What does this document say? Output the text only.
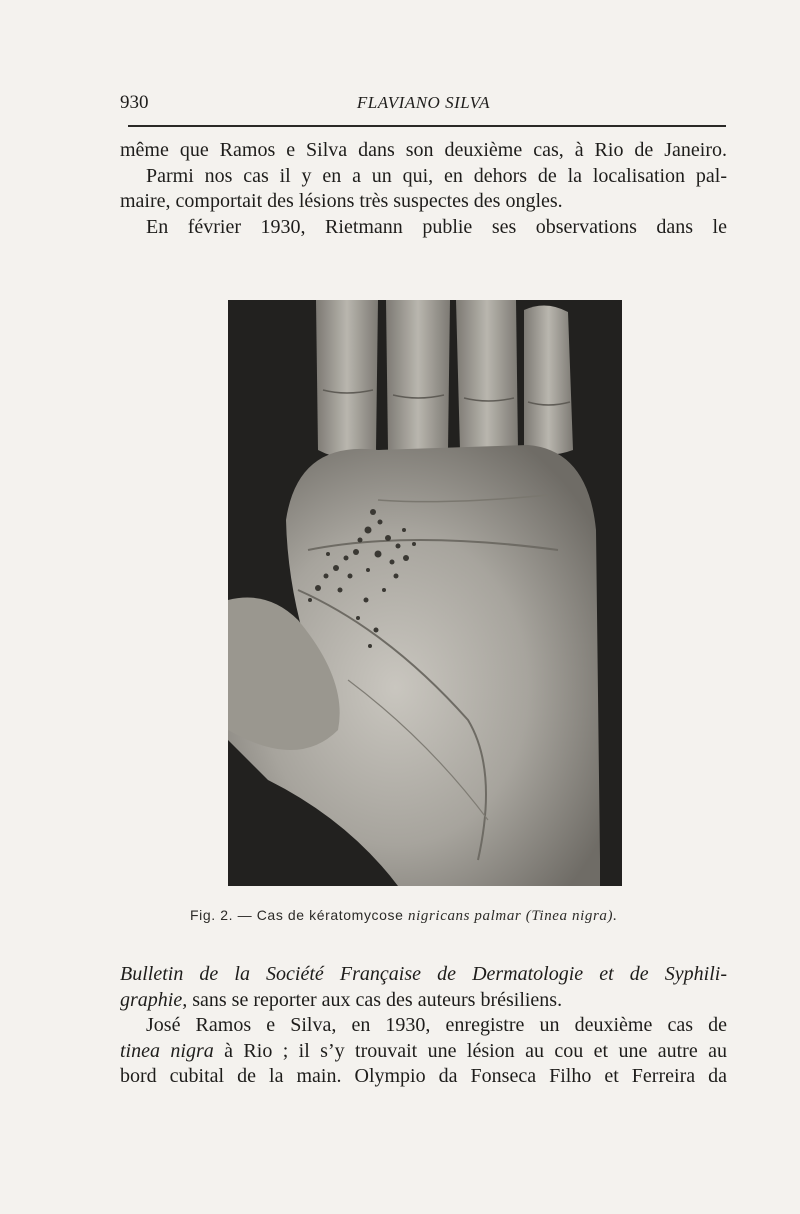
930	FLAVIANO SILVA

même que Ramos e Silva dans son deuxième cas, à Rio de Janeiro.

Parmi nos cas il y en a un qui, en dehors de la localisation pal-

maire, comportait des lésions très suspectes des ongles.

En février 1930, Rietmann publie ses observations dans le

Fig. 2. — Cas de kératomycose nigricans palmar (Tinea nigra).

Bulletin de la Société Française de Dermatologie et de Syphili-

graphie, sans se reporter aux cas des auteurs brésiliens.

José Ramos e Silva, en 1930, enregistre un deuxième cas de

tinea nigra à Rio ; il s’y trouvait une lésion au cou et une autre au

bord cubital de la main. Olympio da Fonseca Filho et Ferreira da
